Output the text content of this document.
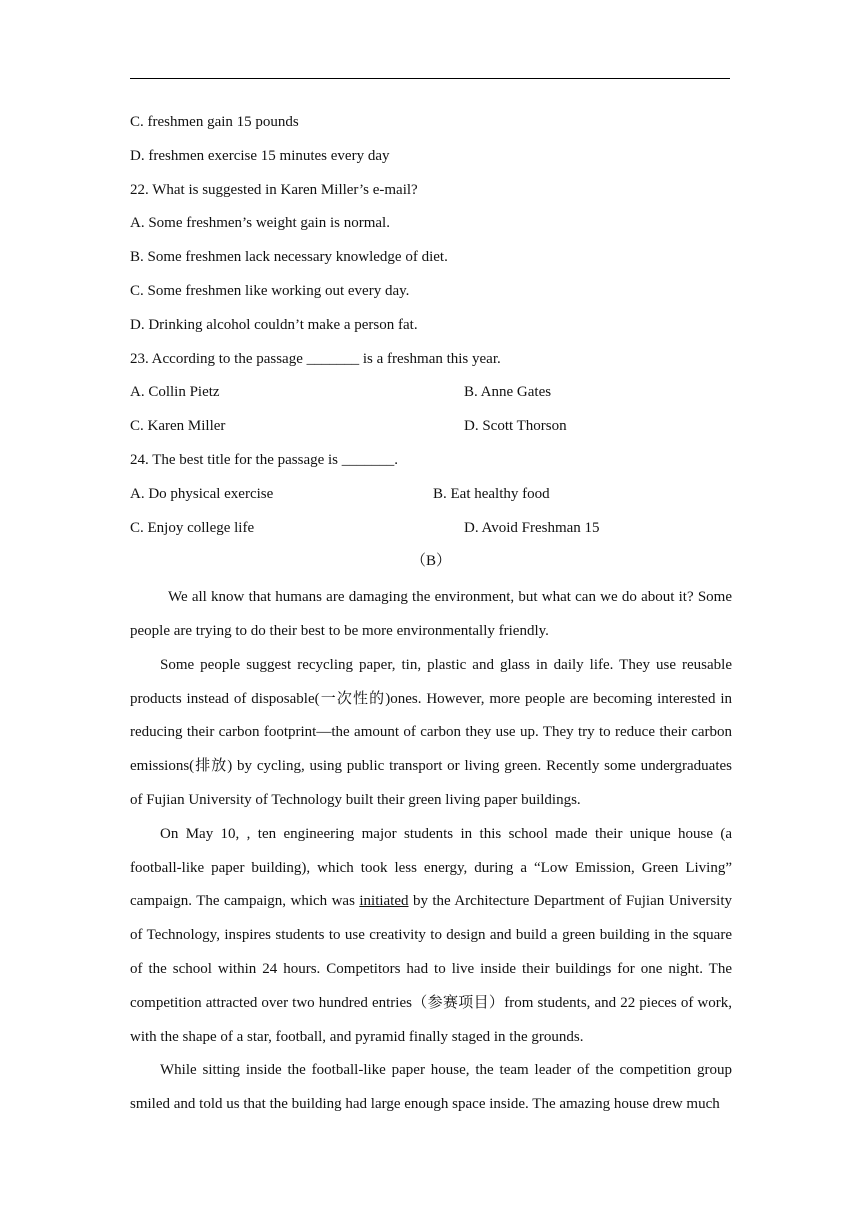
C. freshmen gain 15 pounds
D. freshmen exercise 15 minutes every day
22. What is suggested in Karen Miller’s e-mail?
A. Some freshmen’s weight gain is normal.
B. Some freshmen lack necessary knowledge of diet.
C. Some freshmen like working out every day.
D. Drinking alcohol couldn’t make a person fat.
23. According to the passage _______ is a freshman this year.
A. Collin Pietz	B. Anne Gates
C. Karen Miller	D. Scott Thorson
24. The best title for the passage is _______.
A. Do physical exercise	B. Eat healthy food
C. Enjoy college life	D. Avoid Freshman 15
（B）

We all know that humans are damaging the environment, but what can we do about it? Some people are trying to do their best to be more environmentally friendly.

Some people suggest recycling paper, tin, plastic and glass in daily life. They use reusable products instead of disposable(一次性的)ones. However, more people are becoming interested in reducing their carbon footprint—the amount of carbon they use up. They try to reduce their carbon emissions(排放) by cycling, using public transport or living green. Recently some undergraduates of Fujian University of Technology built their green living paper buildings.

On May 10, , ten engineering major students in this school made their unique house (a football-like paper building), which took less energy, during a “Low Emission, Green Living” campaign. The campaign, which was initiated by the Architecture Department of Fujian University of Technology, inspires students to use creativity to design and build a green building in the square of the school within 24 hours. Competitors had to live inside their buildings for one night. The competition attracted over two hundred entries（参赛项目）from students, and 22 pieces of work, with the shape of a star, football, and pyramid finally staged in the grounds.

While sitting inside the football-like paper house, the team leader of the competition group smiled and told us that the building had large enough space inside. The amazing house drew much
